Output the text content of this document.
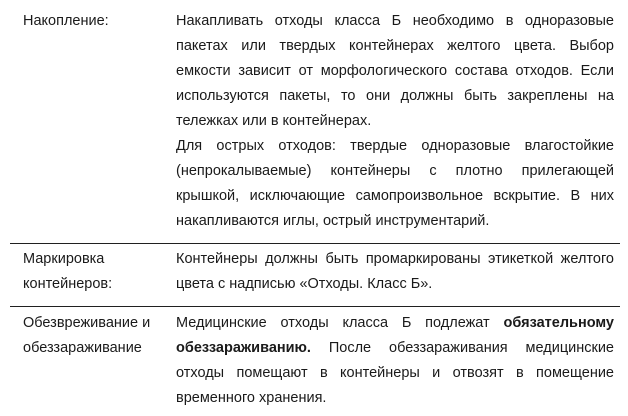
Накопление:	Накапливать отходы класса Б необходимо в одноразовые пакетах или твердых контейнерах желтого цвета. Выбор емкости зависит от морфологического состава отходов. Если используются пакеты, то они должны быть закреплены на тележках или в контейнерах.
Для острых отходов: твердые одноразовые влагостойкие (непрокалываемые) контейнеры с плотно прилегающей крышкой, исключающие самопроизвольное вскрытие. В них накапливаются иглы, острый инструментарий.

Маркировка контейнеров:	Контейнеры должны быть промаркированы этикеткой желтого цвета с надписью «Отходы. Класс Б».
Обезвреживание и обеззараживание	Медицинские отходы класса Б подлежат обязательному обеззараживанию. После обеззараживания медицинские отходы помещают в контейнеры и отвозят в помещение временного хранения.
